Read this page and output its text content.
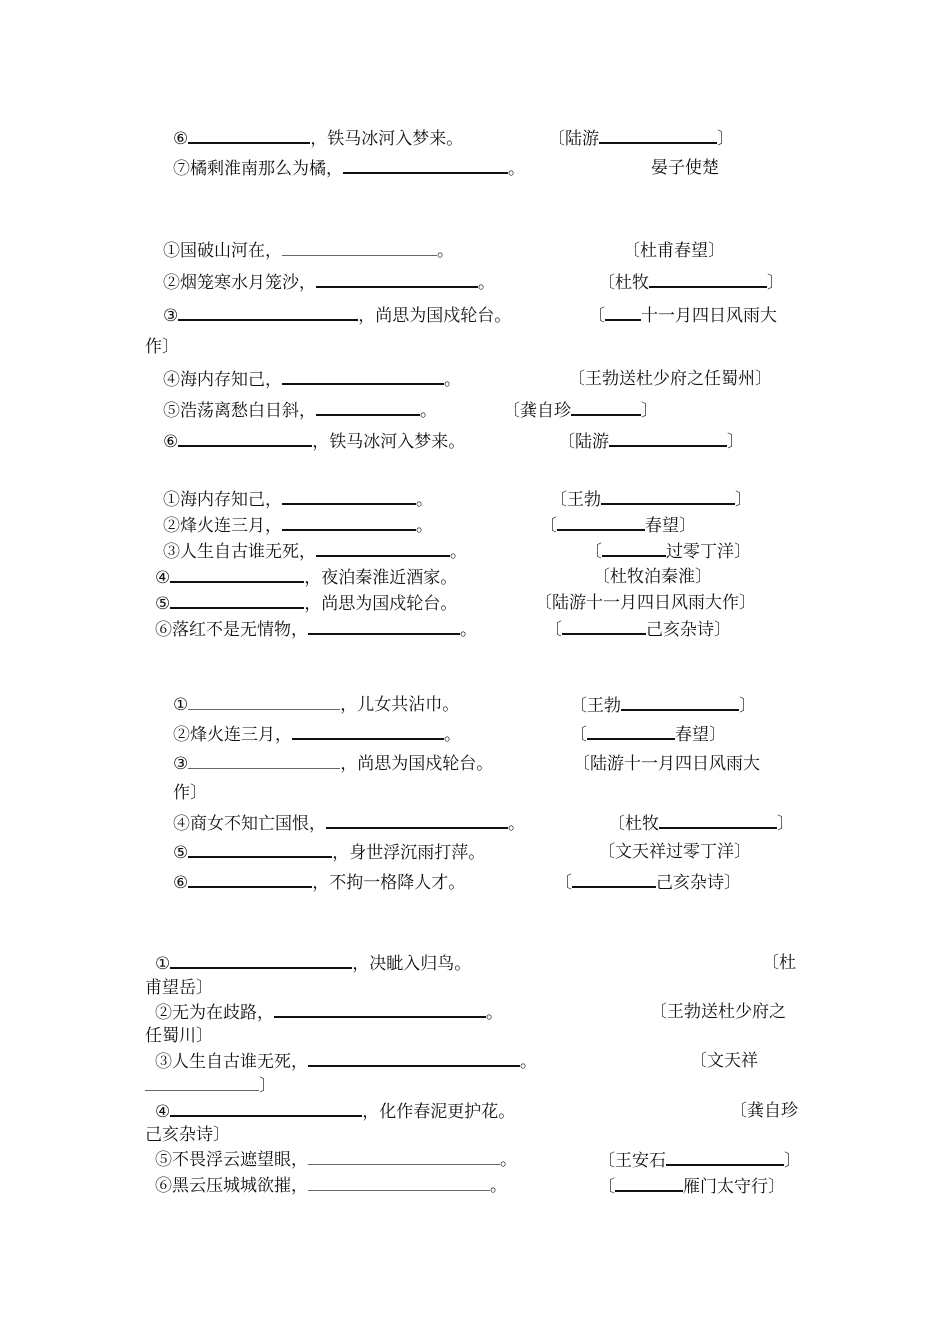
⑥	，铁马冰河入梦来。	〔陆游	〕
⑦橘剩淮南那么为橘，	。	晏子使楚
①国破山河在，	。	〔杜甫春望〕
②烟笼寒水月笼沙，	。	〔杜牧	〕
③	，尚思为国戍轮台。	〔 十一月四日风雨大
作〕
④海内存知己，	。	〔王勃送杜少府之任蜀州〕
⑤浩荡离愁白日斜，	。	〔龚自珍	〕
⑥	，铁马冰河入梦来。	〔陆游	〕
①海内存知己，	。	〔王勃	〕
②烽火连三月，	。	〔	春望〕
③人生自古谁无死，	。	〔	过零丁洋〕
④	，夜泊秦淮近酒家。	〔杜牧泊秦淮〕
⑤	，尚思为国戍轮台。	〔陆游十一月四日风雨大作〕
⑥落红不是无情物，	。	〔	己亥杂诗〕
①	，儿女共沾巾。	〔王勃	〕
②烽火连三月，	。	〔	春望〕
③	，尚思为国戍轮台。	〔陆游十一月四日风雨大
作〕
④商女不知亡国恨，	。	〔杜牧	〕
⑤	，身世浮沉雨打萍。	〔文天祥过零丁洋〕
⑥	，不拘一格降人才。	〔	己亥杂诗〕
①	，决眦入归鸟。	〔杜
甫望岳〕
②无为在歧路，	。	〔王勃送杜少府之
任蜀川〕
③人生自古谁无死，	。	〔文天祥
〕
④	，化作春泥更护花。	〔龚自珍
己亥杂诗〕
⑤不畏浮云遮望眼，	。	〔王安石	〕
⑥黑云压城城欲摧，	。	〔	雁门太守行〕
